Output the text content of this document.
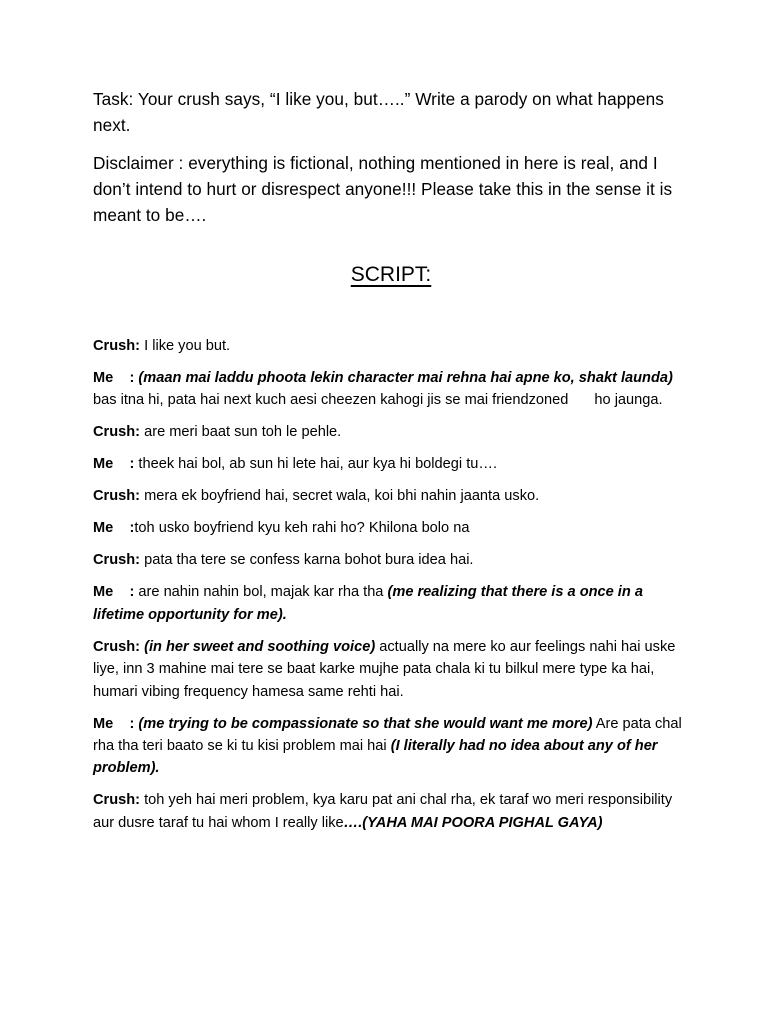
Task: Your crush says, “I like you, but…..” Write a parody on what happens next.

Disclaimer : everything is fictional, nothing mentioned in here is real, and I don’t intend to hurt or disrespect anyone!!! Please take this in the sense it is meant to be….

SCRIPT:
Crush: I like you but.
Me    : (maan mai laddu phoota lekin character mai rehna hai apne ko, shakt launda) bas itna hi, pata hai next kuch aesi cheezen kahogi jis se mai friendzoned ho jaunga.
Crush: are meri baat sun toh le pehle.
Me    : theek hai bol, ab sun hi lete hai, aur kya hi boldegi tu….
Crush: mera ek boyfriend hai, secret wala, koi bhi nahin jaanta usko.
Me    :toh usko boyfriend kyu keh rahi ho? Khilona bolo na
Crush: pata tha tere se confess karna bohot bura idea hai.
Me    : are nahin nahin bol, majak kar rha tha (me realizing that there is a once in a lifetime opportunity for me).
Crush: (in her sweet and soothing voice) actually na mere ko aur feelings nahi hai uske liye, inn 3 mahine mai tere se baat karke mujhe pata chala ki tu bilkul mere type ka hai, humari vibing frequency hamesa same rehti hai.
Me    : (me trying to be compassionate so that she would want me more) Are pata chal rha tha teri baato se ki tu kisi problem mai hai (I literally had no idea about any of her problem).
Crush: toh yeh hai meri problem, kya karu pat ani chal rha, ek taraf wo meri responsibility aur dusre taraf tu hai whom I really like….(YAHA MAI POORA PIGHAL GAYA)
